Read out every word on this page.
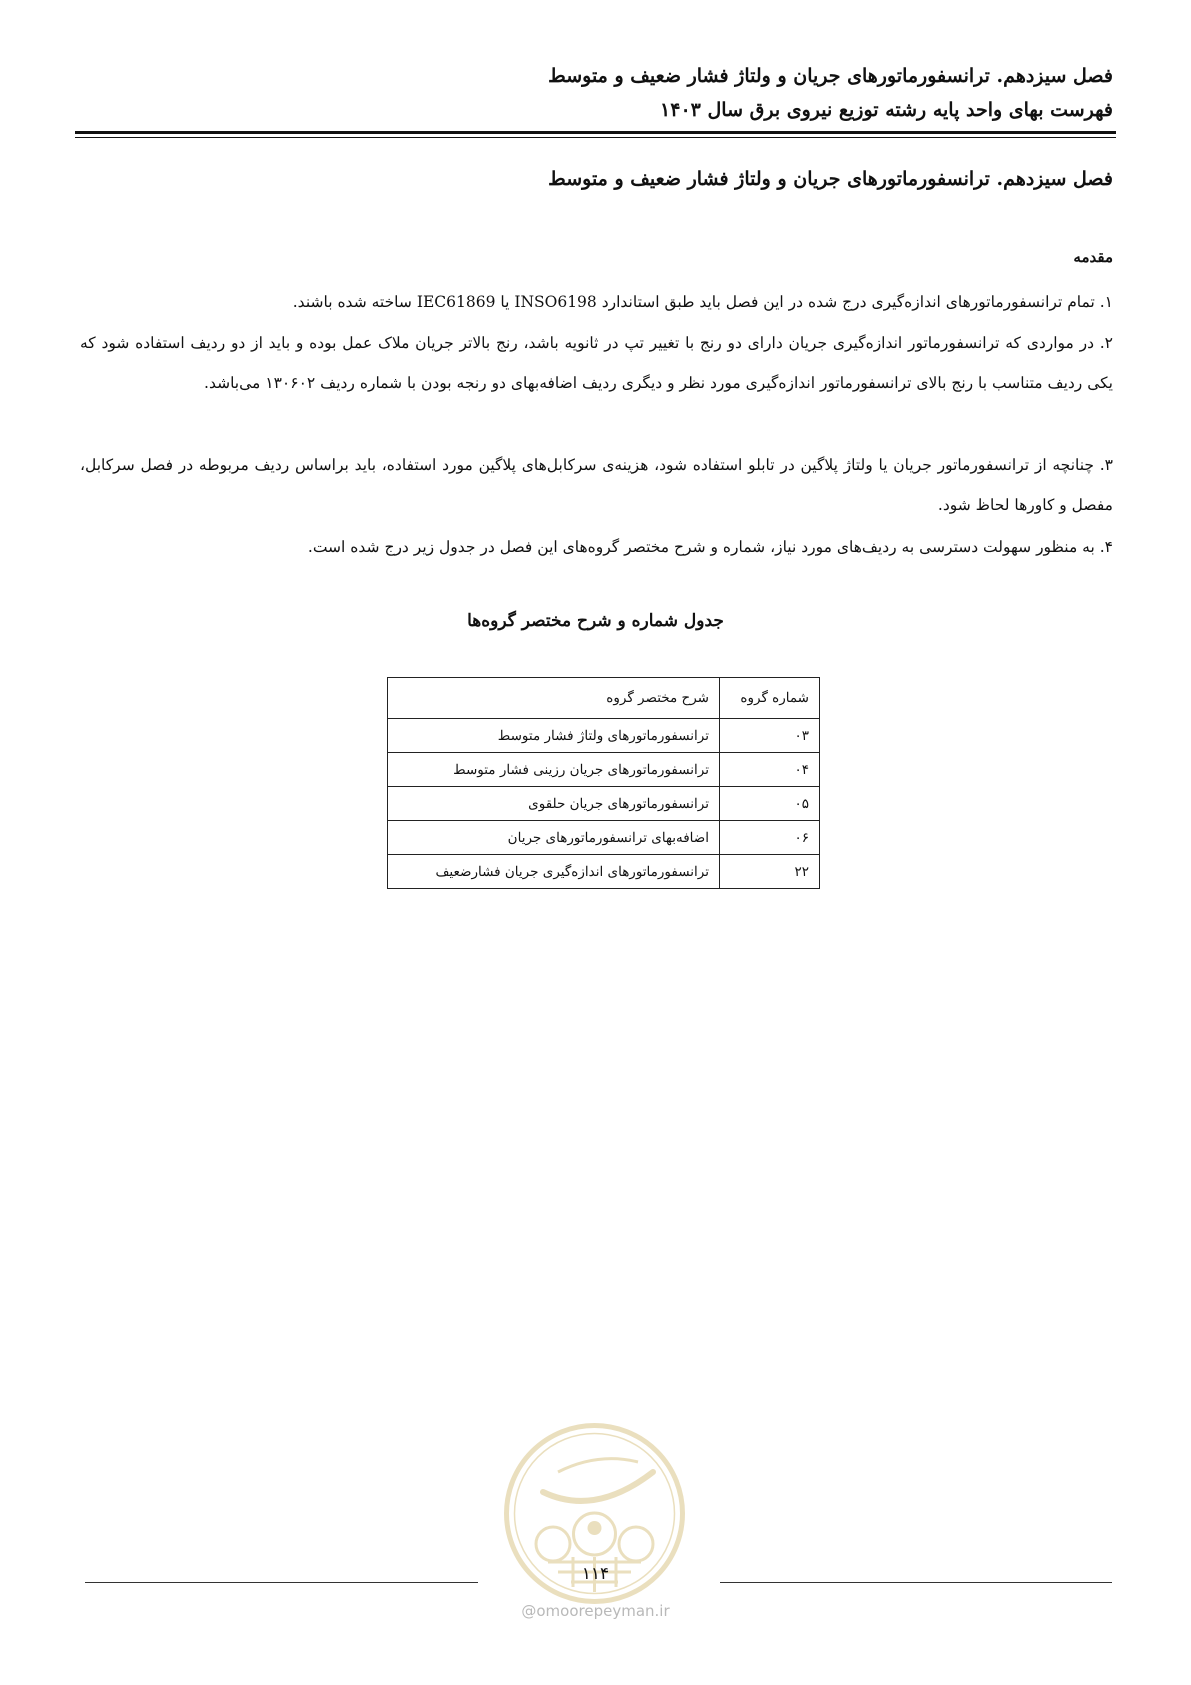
فصل سیزدهم. ترانسفورماتورهای جریان و ولتاژ فشار ضعیف و متوسط
فهرست بهای واحد پایه رشته توزیع نیروی برق سال ۱۴۰۳
فصل سیزدهم. ترانسفورماتورهای جریان و ولتاژ فشار ضعیف و متوسط
مقدمه
۱. تمام ترانسفورماتورهای اندازه‌گیری درج شده در این فصل باید طبق استاندارد INSO6198 یا IEC61869 ساخته شده باشند.
۲. در مواردی که ترانسفورماتور اندازه‌گیری جریان دارای دو رنج با تغییر تپ در ثانویه باشد، رنج بالاتر جریان ملاک عمل بوده و باید از دو ردیف استفاده شود که یکی ردیف متناسب با رنج بالای ترانسفورماتور اندازه‌گیری مورد نظر و دیگری ردیف اضافه‌بهای دو رنجه بودن با شماره ردیف ۱۳۰۶۰۲ می‌باشد.
۳. چنانچه از ترانسفورماتور جریان یا ولتاژ پلاگین در تابلو استفاده شود، هزینه‌ی سرکابل‌های پلاگین مورد استفاده، باید براساس ردیف مربوطه در فصل سرکابل، مفصل و کاورها لحاظ شود.
۴. به منظور سهولت دسترسی به ردیف‌های مورد نیاز، شماره و شرح مختصر گروه‌های این فصل در جدول زیر درج شده است.
جدول شماره و شرح مختصر گروه‌ها
شماره گروه	شرح مختصر گروه
۰۳	ترانسفورماتورهای ولتاژ فشار متوسط
۰۴	ترانسفورماتورهای جریان رزینی فشار متوسط
۰۵	ترانسفورماتورهای جریان حلقوی
۰۶	اضافه‌بهای ترانسفورماتورهای جریان
۲۲	ترانسفورماتورهای اندازه‌گیری جریان فشارضعیف
۱۱۴
@omoorepeyman.ir
